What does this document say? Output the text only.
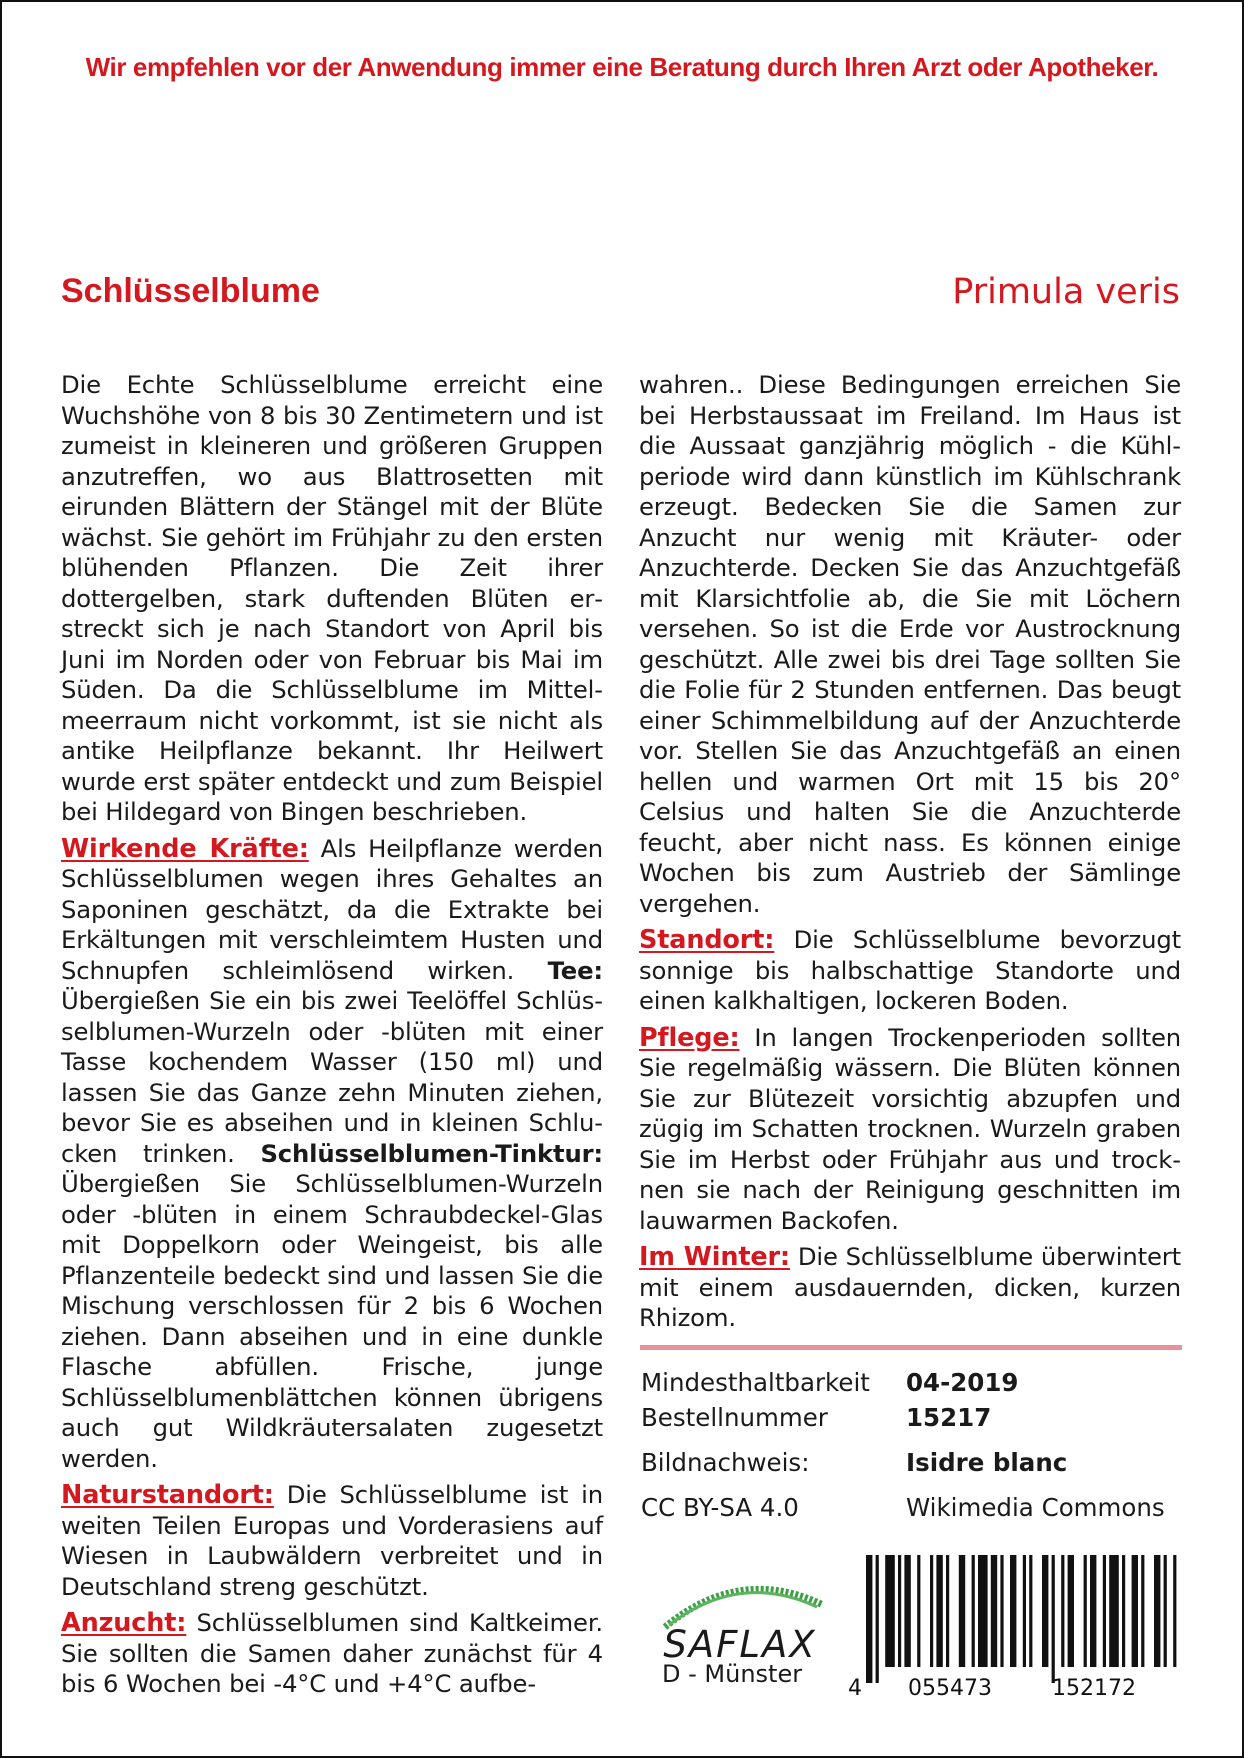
Wir empfehlen vor der Anwendung immer eine Beratung durch Ihren Arzt oder Apotheker.
Schlüsselblume	Primula veris

Die Echte Schlüsselblume erreicht eine Wuchshöhe von 8 bis 30 Zentimetern und ist zumeist in kleineren und größeren Gruppen anzutreffen, wo aus Blattrosetten mit eirunden Blättern der Stängel mit der Blüte wächst. Sie gehört im Frühjahr zu den ersten blühenden Pflanzen. Die Zeit ihrer dottergelben, stark duftenden Blüten erstreckt sich je nach Standort von April bis Juni im Norden oder von Februar bis Mai im Süden. Da die Schlüsselblume im Mittelmeerraum nicht vorkommt, ist sie nicht als antike Heilpflanze bekannt. Ihr Heilwert wurde erst später entdeckt und zum Beispiel bei Hildegard von Bingen beschrieben.

Wirkende Kräfte: Als Heilpflanze werden Schlüsselblumen wegen ihres Gehaltes an Saponinen geschätzt, da die Extrakte bei Erkältungen mit verschleimtem Husten und Schnupfen schleimlösend wirken. Tee: Übergießen Sie ein bis zwei Teelöffel Schlüsselblumen-Wurzeln oder -blüten mit einer Tasse kochendem Wasser (150 ml) und lassen Sie das Ganze zehn Minuten ziehen, bevor Sie es abseihen und in kleinen Schlucken trinken. Schlüsselblumen-Tinktur: Übergießen Sie Schlüsselblumen-Wurzeln oder -blüten in einem Schraubdeckel-Glas mit Doppelkorn oder Weingeist, bis alle Pflanzenteile bedeckt sind und lassen Sie die Mischung verschlossen für 2 bis 6 Wochen ziehen. Dann abseihen und in eine dunkle Flasche abfüllen. Frische, junge Schlüsselblumenblättchen können übrigens auch gut Wildkräutersalaten zugesetzt werden.

Naturstandort: Die Schlüsselblume ist in weiten Teilen Europas und Vorderasiens auf Wiesen in Laubwäldern verbreitet und in Deutschland streng geschützt.

Anzucht: Schlüsselblumen sind Kaltkeimer. Sie sollten die Samen daher zunächst für 4 bis 6 Wochen bei -4°C und +4°C aufbe-

wahren.. Diese Bedingungen erreichen Sie bei Herbstaussaat im Freiland. Im Haus ist die Aussaat ganzjährig möglich - die Kühlperiode wird dann künstlich im Kühlschrank erzeugt. Bedecken Sie die Samen zur Anzucht nur wenig mit Kräuter- oder Anzuchterde. Decken Sie das Anzuchtgefäß mit Klarsichtfolie ab, die Sie mit Löchern versehen. So ist die Erde vor Austrocknung geschützt. Alle zwei bis drei Tage sollten Sie die Folie für 2 Stunden entfernen. Das beugt einer Schimmelbildung auf der Anzuchterde vor. Stellen Sie das Anzuchtgefäß an einen hellen und warmen Ort mit 15 bis 20° Celsius und halten Sie die Anzuchterde feucht, aber nicht nass. Es können einige Wochen bis zum Austrieb der Sämlinge vergehen.

Standort: Die Schlüsselblume bevorzugt sonnige bis halbschattige Standorte und einen kalkhaltigen, lockeren Boden.

Pflege: In langen Trockenperioden sollten Sie regelmäßig wässern. Die Blüten können Sie zur Blütezeit vorsichtig abzupfen und zügig im Schatten trocknen. Wurzeln graben Sie im Herbst oder Frühjahr aus und trocknen sie nach der Reinigung geschnitten im lauwarmen Backofen.

Im Winter: Die Schlüsselblume überwintert mit einem ausdauernden, dicken, kurzen Rhizom.

Mindesthaltbarkeit 04-2019
Bestellnummer	15217
Bildnachweis:	Isidre blanc
CC BY-SA 4.0	Wikimedia Commons
SAFLAX
D - Münster
4 055473	152172
